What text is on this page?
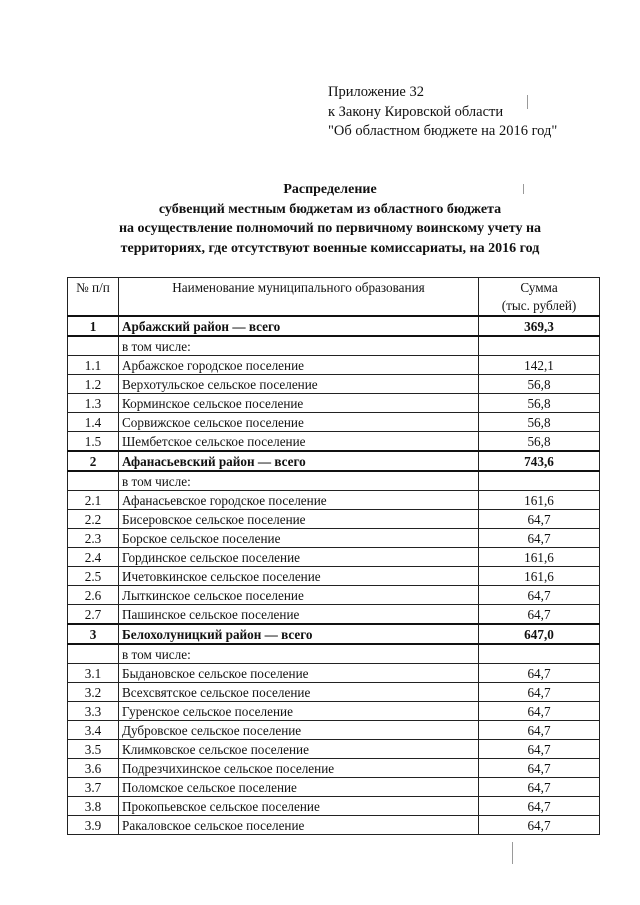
Приложение 32
к Закону Кировской области
"Об областном бюджете на 2016 год"
Распределение
субвенций местным бюджетам из областного бюджета
на осуществление полномочий по первичному воинскому учету на
территориях, где отсутствуют военные комиссариаты, на 2016 год
№ п/п	Наименование муниципального образования	Сумма
(тыс. рублей)

1	Арбажский район — всего	369,3
	в том числе:	
1.1	Арбажское городское поселение	142,1
1.2	Верхотульское сельское поселение	56,8
1.3	Корминское сельское поселение	56,8
1.4	Сорвижское сельское поселение	56,8
1.5	Шембетское сельское поселение	56,8
2	Афанасьевский район — всего	743,6
	в том числе:	
2.1	Афанасьевское городское поселение	161,6
2.2	Бисеровское сельское поселение	64,7
2.3	Борское сельское поселение	64,7
2.4	Гординское сельское поселение	161,6
2.5	Ичетовкинское сельское поселение	161,6
2.6	Лыткинское сельское поселение	64,7
2.7	Пашинское сельское поселение	64,7
3	Белохолуницкий район — всего	647,0
	в том числе:	
3.1	Быдановское сельское поселение	64,7
3.2	Всехсвятское сельское поселение	64,7
3.3	Гуренское сельское поселение	64,7
3.4	Дубровское сельское поселение	64,7
3.5	Климковское сельское поселение	64,7
3.6	Подрезчихинское сельское поселение	64,7
3.7	Поломское сельское поселение	64,7
3.8	Прокопьевское сельское поселение	64,7
3.9	Ракаловское сельское поселение	64,7
